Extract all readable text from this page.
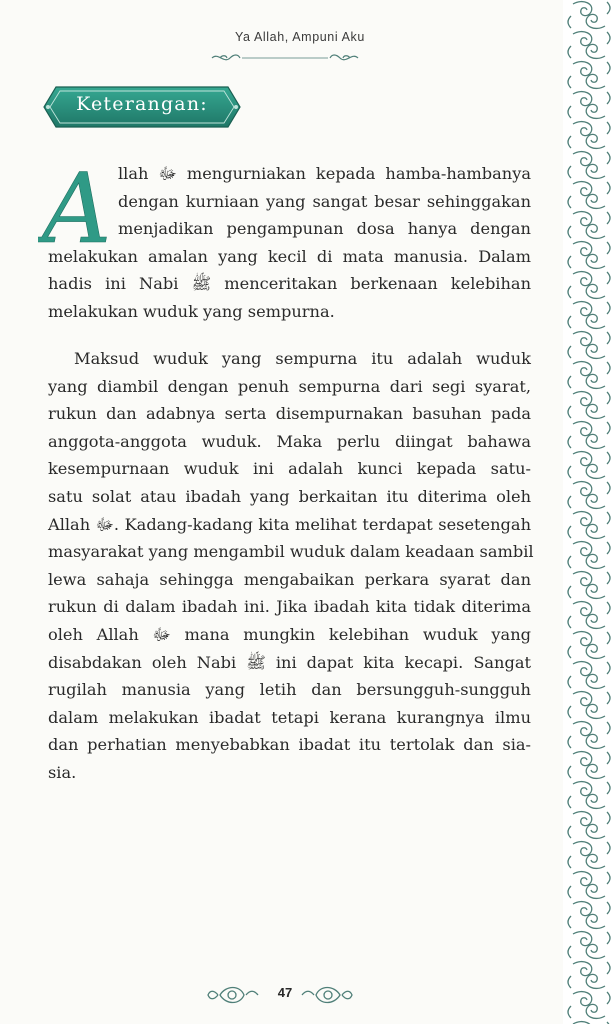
Ya Allah, Ampuni Aku
Keterangan:
A llah ﷻ mengurniakan kepada hamba-hambanya
dengan kurniaan yang sangat besar sehinggakan
menjadikan pengampunan dosa hanya dengan
melakukan amalan yang kecil di mata manusia. Dalam
hadis ini Nabi ﷺ menceritakan berkenaan kelebihan
melakukan wuduk yang sempurna.
Maksud wuduk yang sempurna itu adalah wuduk
yang diambil dengan penuh sempurna dari segi syarat,
rukun dan adabnya serta disempurnakan basuhan pada
anggota-anggota wuduk. Maka perlu diingat bahawa
kesempurnaan wuduk ini adalah kunci kepada satu-
satu solat atau ibadah yang berkaitan itu diterima oleh
Allah ﷻ. Kadang-kadang kita melihat terdapat sesetengah
masyarakat yang mengambil wuduk dalam keadaan sambil
lewa sahaja sehingga mengabaikan perkara syarat dan
rukun di dalam ibadah ini. Jika ibadah kita tidak diterima
oleh Allah ﷻ mana mungkin kelebihan wuduk yang
disabdakan oleh Nabi ﷺ ini dapat kita kecapi. Sangat
rugilah manusia yang letih dan bersungguh-sungguh
dalam melakukan ibadat tetapi kerana kurangnya ilmu
dan perhatian menyebabkan ibadat itu tertolak dan sia-
sia.
47
